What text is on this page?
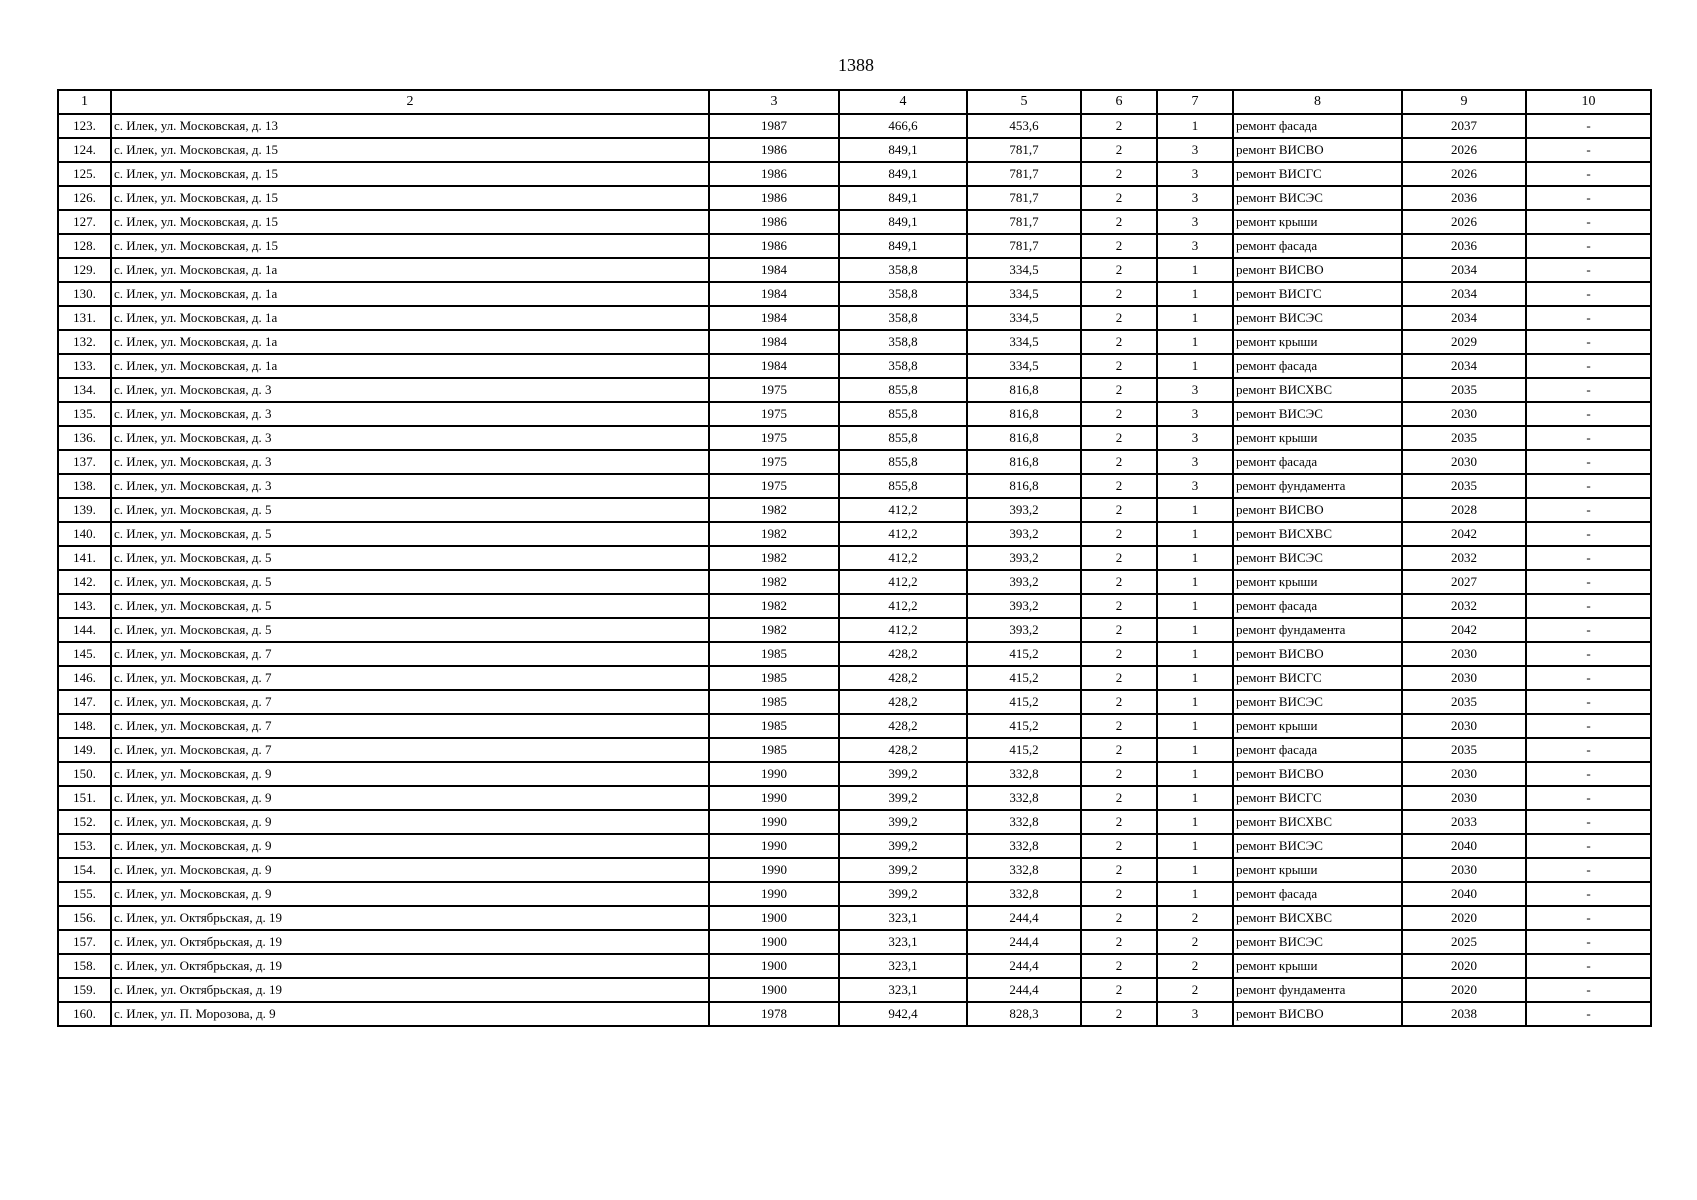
1388
1	2	3	4	5	6	7	8	9	10
123.	с. Илек, ул. Московская, д. 13	1987	466,6	453,6	2	1	ремонт фасада	2037	-
124.	с. Илек, ул. Московская, д. 15	1986	849,1	781,7	2	3	ремонт ВИСВО	2026	-
125.	с. Илек, ул. Московская, д. 15	1986	849,1	781,7	2	3	ремонт ВИСГС	2026	-
126.	с. Илек, ул. Московская, д. 15	1986	849,1	781,7	2	3	ремонт ВИСЭС	2036	-
127.	с. Илек, ул. Московская, д. 15	1986	849,1	781,7	2	3	ремонт крыши	2026	-
128.	с. Илек, ул. Московская, д. 15	1986	849,1	781,7	2	3	ремонт фасада	2036	-
129.	с. Илек, ул. Московская, д. 1а	1984	358,8	334,5	2	1	ремонт ВИСВО	2034	-
130.	с. Илек, ул. Московская, д. 1а	1984	358,8	334,5	2	1	ремонт ВИСГС	2034	-
131.	с. Илек, ул. Московская, д. 1а	1984	358,8	334,5	2	1	ремонт ВИСЭС	2034	-
132.	с. Илек, ул. Московская, д. 1а	1984	358,8	334,5	2	1	ремонт крыши	2029	-
133.	с. Илек, ул. Московская, д. 1а	1984	358,8	334,5	2	1	ремонт фасада	2034	-
134.	с. Илек, ул. Московская, д. 3	1975	855,8	816,8	2	3	ремонт ВИСХВС	2035	-
135.	с. Илек, ул. Московская, д. 3	1975	855,8	816,8	2	3	ремонт ВИСЭС	2030	-
136.	с. Илек, ул. Московская, д. 3	1975	855,8	816,8	2	3	ремонт крыши	2035	-
137.	с. Илек, ул. Московская, д. 3	1975	855,8	816,8	2	3	ремонт фасада	2030	-
138.	с. Илек, ул. Московская, д. 3	1975	855,8	816,8	2	3	ремонт фундамента	2035	-
139.	с. Илек, ул. Московская, д. 5	1982	412,2	393,2	2	1	ремонт ВИСВО	2028	-
140.	с. Илек, ул. Московская, д. 5	1982	412,2	393,2	2	1	ремонт ВИСХВС	2042	-
141.	с. Илек, ул. Московская, д. 5	1982	412,2	393,2	2	1	ремонт ВИСЭС	2032	-
142.	с. Илек, ул. Московская, д. 5	1982	412,2	393,2	2	1	ремонт крыши	2027	-
143.	с. Илек, ул. Московская, д. 5	1982	412,2	393,2	2	1	ремонт фасада	2032	-
144.	с. Илек, ул. Московская, д. 5	1982	412,2	393,2	2	1	ремонт фундамента	2042	-
145.	с. Илек, ул. Московская, д. 7	1985	428,2	415,2	2	1	ремонт ВИСВО	2030	-
146.	с. Илек, ул. Московская, д. 7	1985	428,2	415,2	2	1	ремонт ВИСГС	2030	-
147.	с. Илек, ул. Московская, д. 7	1985	428,2	415,2	2	1	ремонт ВИСЭС	2035	-
148.	с. Илек, ул. Московская, д. 7	1985	428,2	415,2	2	1	ремонт крыши	2030	-
149.	с. Илек, ул. Московская, д. 7	1985	428,2	415,2	2	1	ремонт фасада	2035	-
150.	с. Илек, ул. Московская, д. 9	1990	399,2	332,8	2	1	ремонт ВИСВО	2030	-
151.	с. Илек, ул. Московская, д. 9	1990	399,2	332,8	2	1	ремонт ВИСГС	2030	-
152.	с. Илек, ул. Московская, д. 9	1990	399,2	332,8	2	1	ремонт ВИСХВС	2033	-
153.	с. Илек, ул. Московская, д. 9	1990	399,2	332,8	2	1	ремонт ВИСЭС	2040	-
154.	с. Илек, ул. Московская, д. 9	1990	399,2	332,8	2	1	ремонт крыши	2030	-
155.	с. Илек, ул. Московская, д. 9	1990	399,2	332,8	2	1	ремонт фасада	2040	-
156.	с. Илек, ул. Октябрьская, д. 19	1900	323,1	244,4	2	2	ремонт ВИСХВС	2020	-
157.	с. Илек, ул. Октябрьская, д. 19	1900	323,1	244,4	2	2	ремонт ВИСЭС	2025	-
158.	с. Илек, ул. Октябрьская, д. 19	1900	323,1	244,4	2	2	ремонт крыши	2020	-
159.	с. Илек, ул. Октябрьская, д. 19	1900	323,1	244,4	2	2	ремонт фундамента	2020	-
160.	с. Илек, ул. П. Морозова, д. 9	1978	942,4	828,3	2	3	ремонт ВИСВО	2038	-
